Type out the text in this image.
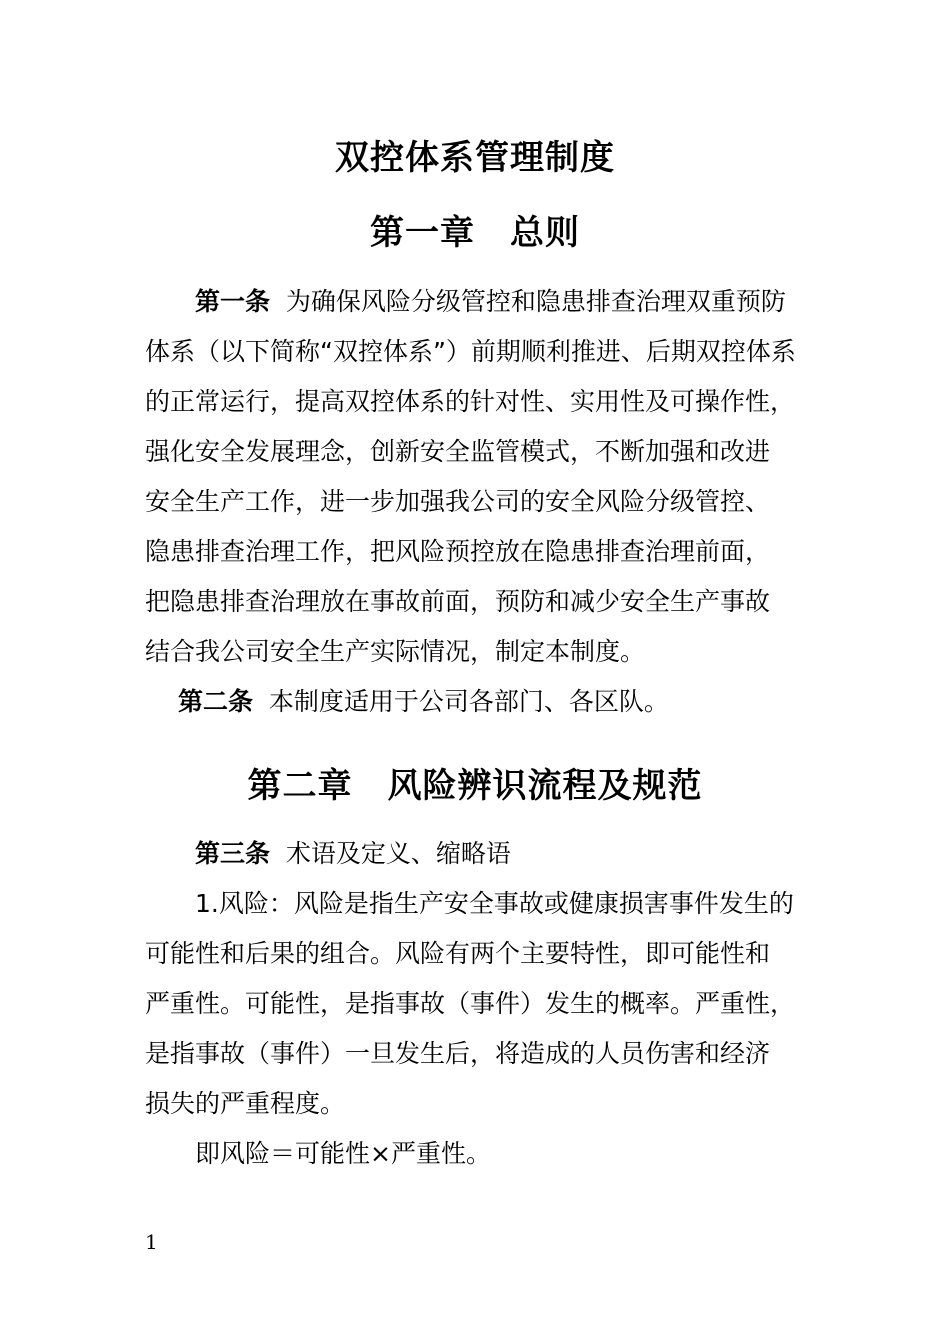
双控体系管理制度
第一章　总则
第一条 为确保风险分级管控和隐患排查治理双重预防
体系（以下简称“双控体系”）前期顺利推进、后期双控体系
的正常运行，提高双控体系的针对性、实用性及可操作性，
强化安全发展理念，创新安全监管模式，不断加强和改进
安全生产工作，进一步加强我公司的安全风险分级管控、
隐患排查治理工作，把风险预控放在隐患排查治理前面，
把隐患排查治理放在事故前面，预防和减少安全生产事故
结合我公司安全生产实际情况，制定本制度。
第二条 本制度适用于公司各部门、各区队。
第二章　风险辨识流程及规范
第三条 术语及定义、缩略语
1.风险：风险是指生产安全事故或健康损害事件发生的
可能性和后果的组合。风险有两个主要特性，即可能性和
严重性。可能性，是指事故（事件）发生的概率。严重性，
是指事故（事件）一旦发生后，将造成的人员伤害和经济
损失的严重程度。
即风险＝可能性×严重性。
1
